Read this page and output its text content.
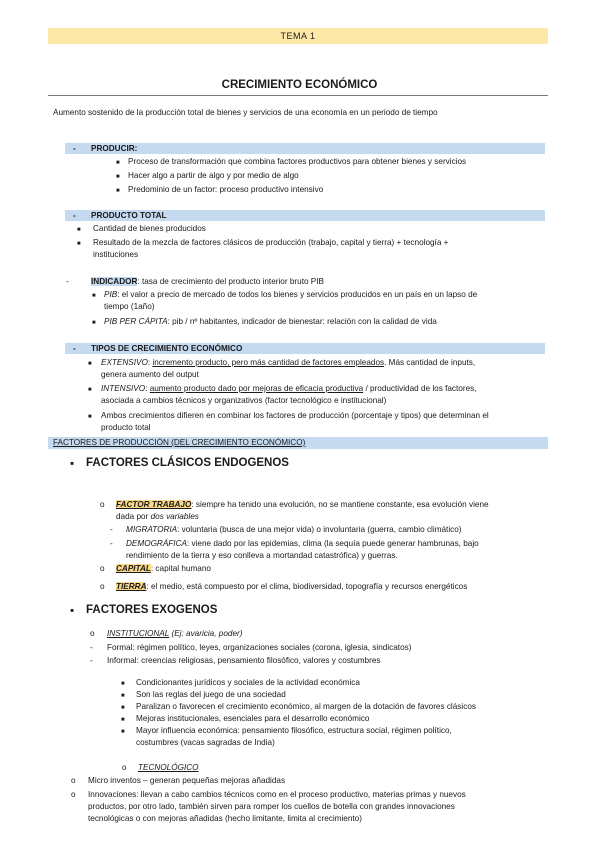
TEMA 1
CRECIMIENTO ECONÓMICO
Aumento sostenido de la producción total de bienes y servicios de una economía en un periodo de tiempo
- PRODUCIR:
■ Proceso de transformación que combina factores productivos para obtener bienes y servicios
■ Hacer algo a partir de algo y por medio de algo
■ Predominio de un factor: proceso productivo intensivo
- PRODUCTO TOTAL
■ Cantidad de bienes producidos
■ Resultado de la mezcla de factores clásicos de producción (trabajo, capital y tierra) + tecnología +
instituciones
-	INDICADOR: tasa de crecimiento del producto interior bruto PIB
■ PIB: el valor a precio de mercado de todos los bienes y servicios producidos en un país en un lapso de
tiempo (1año)
■ PIB PER CÁPITA: pib / nº habitantes, indicador de bienestar: relación con la calidad de vida
- TIPOS DE CRECIMIENTO ECONÓMICO
■ EXTENSIVO: incremento producto, pero más cantidad de factores empleados. Más cantidad de inputs,
genera aumento del output
■ INTENSIVO: aumento producto dado por mejoras de eficacia productiva / productividad de los factores,
asociada a cambios técnicos y organizativos (factor tecnológico e institucional)
■ Ambos crecimientos difieren en combinar los factores de producción (porcentaje y tipos) que determinan el
producto total
FACTORES DE PRODUCCIÓN (DEL CRECIMIENTO ECONÓMICO)
▪ FACTORES CLÁSICOS ENDOGENOS
o FACTOR TRABAJO: siempre ha tenido una evolución, no se mantiene constante, esa evolución viene
dada por dos variables
- MIGRATORIA: voluntaria (busca de una mejor vida) o involuntaria (guerra, cambio climático)
- DEMOGRÁFICA: viene dado por las epidemias, clima (la sequía puede generar hambrunas, bajo
rendimiento de la tierra y eso conlleva a mortandad catastrófica) y guerras.
o CAPITAL: capital humano
o TIERRA: el medio, está compuesto por el clima, biodiversidad, topografía y recursos energéticos
▪ FACTORES EXOGENOS
o INSTITUCIONAL (Ej: avaricia, poder)
- Formal: régimen político, leyes, organizaciones sociales (corona, iglesia, sindicatos)
- Informal: creencias religiosas, pensamiento filosófico, valores y costumbres
■ Condicionantes jurídicos y sociales de la actividad económica
■ Son las reglas del juego de una sociedad
■ Paralizan o favorecen el crecimiento económico, al margen de la dotación de favores clásicos
■ Mejoras institucionales, esenciales para el desarrollo económico
■ Mayor influencia económica: pensamiento filosófico, estructura social, régimen político,
costumbres (vacas sagradas de India)
o TECNOLÓGICO
o Micro inventos – generan pequeñas mejoras añadidas
o Innovaciones: llevan a cabo cambios técnicos como en el proceso productivo, materias primas y nuevos
productos, por otro lado, también sirven para romper los cuellos de botella con grandes innovaciones
tecnológicas o con mejoras añadidas (hecho limitante, limita al crecimiento)
